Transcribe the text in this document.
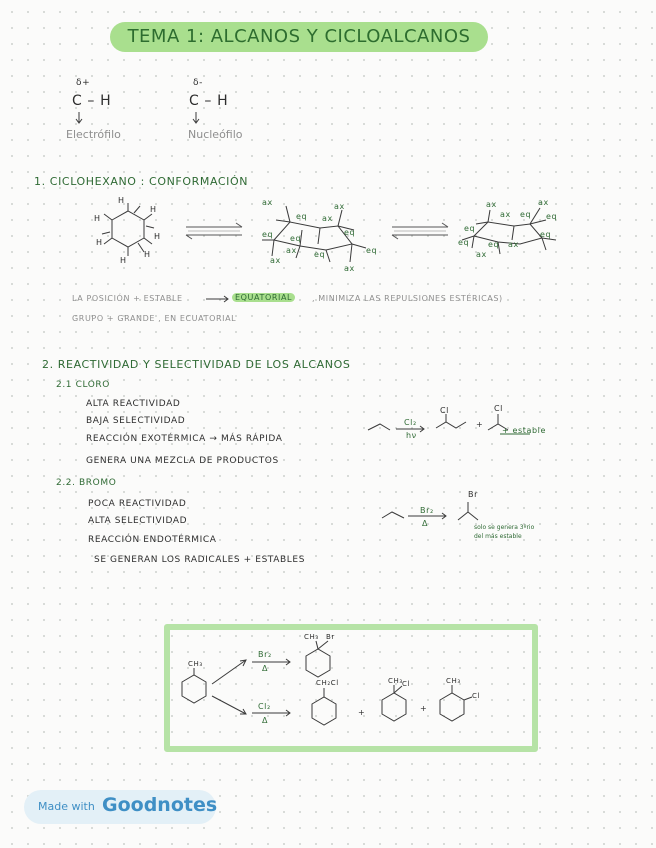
TEMA 1: ALCANOS Y CICLOALCANOS
δ+
C – H
Electrófilo
δ-
C – H
Nucleófilo
1. CICLOHEXANO : CONFORMACIÓN
H
H
H
H
H
H
H
ax	ax
eq ax
eq
eq eq
eq
ax eq
ax
ax
ax	ax
ax eq eq
eq
eq
eq eq ax
ax
LA POSICIÓN + ESTABLE	EQUATORIAL	, MINIMIZA LAS REPULSIONES ESTÉRICAS)
GRUPO + GRANDE , EN ECUATORIAL
2. REACTIVIDAD Y SELECTIVIDAD DE LOS ALCANOS
2.1 CLORO
ALTA REACTIVIDAD
BAJA SELECTIVIDAD
REACCIÓN EXOTÉRMICA → MÁS RÁPIDA
GENERA UNA MEZCLA DE PRODUCTOS
Cl₂
hν
Cl
+
Cl
+ estable
2.2. BROMO
POCA REACTIVIDAD
ALTA SELECTIVIDAD
REACCIÓN ENDOTÉRMICA
SE GENERAN LOS RADICALES + ESTABLES
Br₂
Δ
Br
solo se genera 3ºrio
del más estable
CH₃
Br₂
Δ
Cl₂
Δ
CH₃ Br
CH₂Cl
+
CH₃ Cl
+
CH₃
Cl
Made with Goodnotes
